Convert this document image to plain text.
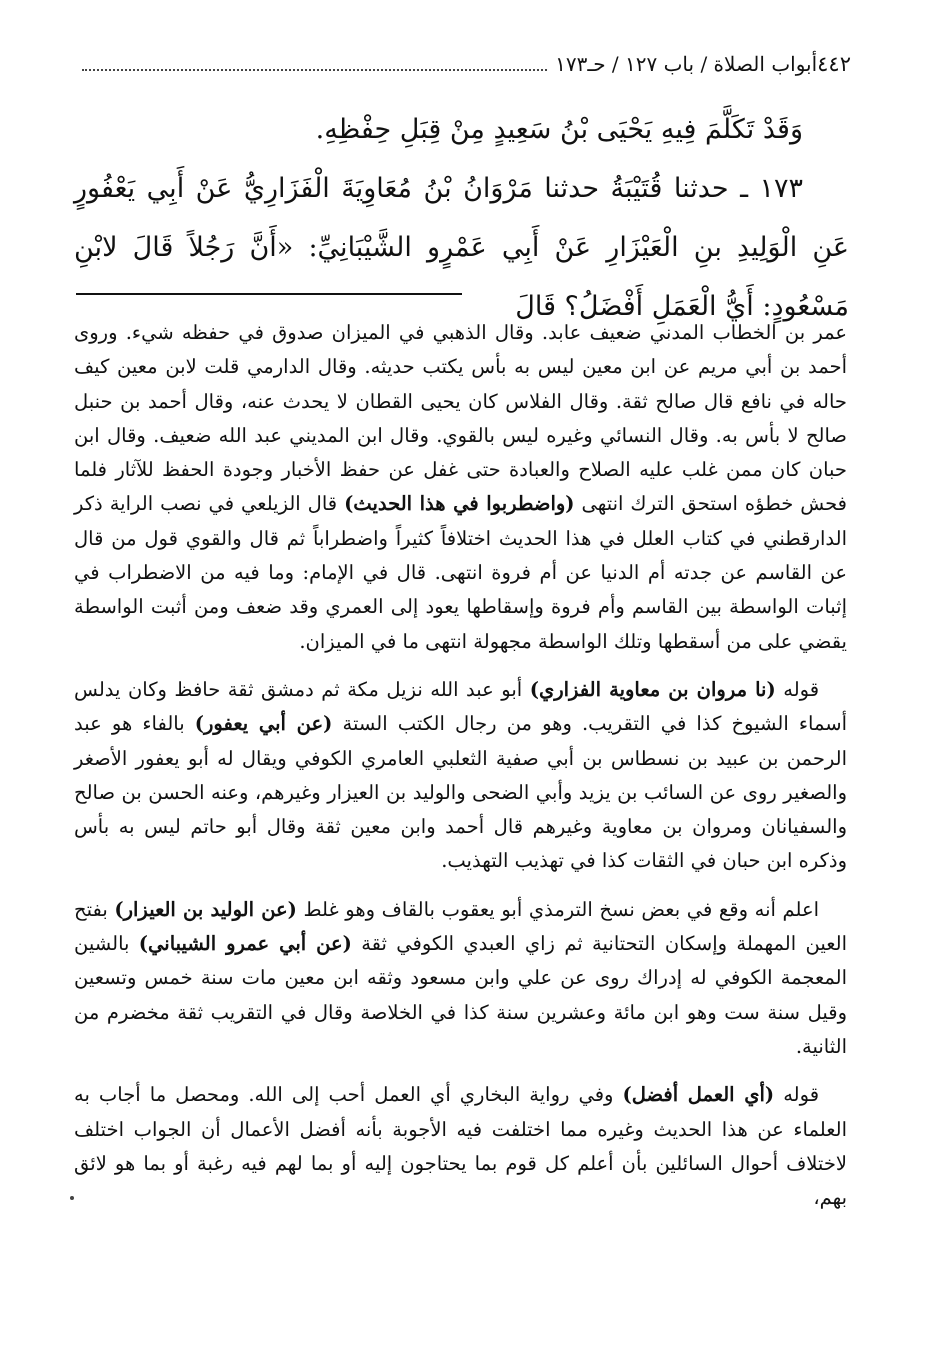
٤٤٢
أبواب الصلاة / باب ١٢٧ / حـ١٧٣

وَقَدْ تَكَلَّمَ فِيهِ يَحْيَى بْنُ سَعِيدٍ مِنْ قِبَلِ حِفْظِهِ.

١٧٣ ـ حدثنا قُتَيْبَةُ حدثنا مَرْوَانُ بْنُ مُعَاوِيَةَ الْفَزَارِيُّ عَنْ أَبِي يَعْفُورٍ عَنِ الْوَلِيدِ بنِ الْعَيْزَارِ عَنْ أَبِي عَمْرٍو الشَّيْبَانِيِّ: «أَنَّ رَجُلاً قَالَ لابْنِ مَسْعُودٍ: أَيُّ الْعَمَلِ أَفْضَلُ؟ قَالَ

عمر بن الخطاب المدني ضعيف عابد. وقال الذهبي في الميزان صدوق في حفظه شيء. وروى أحمد بن أبي مريم عن ابن معين ليس به بأس يكتب حديثه. وقال الدارمي قلت لابن معين كيف حاله في نافع قال صالح ثقة. وقال الفلاس كان يحيى القطان لا يحدث عنه، وقال أحمد بن حنبل صالح لا بأس به. وقال النسائي وغيره ليس بالقوي. وقال ابن المديني عبد الله ضعيف. وقال ابن حبان كان ممن غلب عليه الصلاح والعبادة حتى غفل عن حفظ الأخبار وجودة الحفظ للآثار فلما فحش خطؤه استحق الترك انتهى (واضطربوا في هذا الحديث) قال الزيلعي في نصب الراية ذكر الدارقطني في كتاب العلل في هذا الحديث اختلافاً كثيراً واضطراباً ثم قال والقوي قول من قال عن القاسم عن جدته أم الدنيا عن أم فروة انتهى. قال في الإمام: وما فيه من الاضطراب في إثبات الواسطة بين القاسم وأم فروة وإسقاطها يعود إلى العمري وقد ضعف ومن أثبت الواسطة يقضي على من أسقطها وتلك الواسطة مجهولة انتهى ما في الميزان.

قوله (نا مروان بن معاوية الفزاري) أبو عبد الله نزيل مكة ثم دمشق ثقة حافظ وكان يدلس أسماء الشيوخ كذا في التقريب. وهو من رجال الكتب الستة (عن أبي يعفور) بالفاء هو عبد الرحمن بن عبيد بن نسطاس بن أبي صفية الثعلبي العامري الكوفي ويقال له أبو يعفور الأصغر والصغير روى عن السائب بن يزيد وأبي الضحى والوليد بن العيزار وغيرهم، وعنه الحسن بن صالح والسفيانان ومروان بن معاوية وغيرهم قال أحمد وابن معين ثقة وقال أبو حاتم ليس به بأس وذكره ابن حبان في الثقات كذا في تهذيب التهذيب.

اعلم أنه وقع في بعض نسخ الترمذي أبو يعقوب بالقاف وهو غلط (عن الوليد بن العيزار) بفتح العين المهملة وإسكان التحتانية ثم زاي العبدي الكوفي ثقة (عن أبي عمرو الشيباني) بالشين المعجمة الكوفي له إدراك روى عن علي وابن مسعود وثقه ابن معين مات سنة خمس وتسعين وقيل سنة ست وهو ابن مائة وعشرين سنة كذا في الخلاصة وقال في التقريب ثقة مخضرم من الثانية.

قوله (أي العمل أفضل) وفي رواية البخاري أي العمل أحب إلى الله. ومحصل ما أجاب به العلماء عن هذا الحديث وغيره مما اختلفت فيه الأجوبة بأنه أفضل الأعمال أن الجواب اختلف لاختلاف أحوال السائلين بأن أعلم كل قوم بما يحتاجون إليه أو بما لهم فيه رغبة أو بما هو لائق بهم،
